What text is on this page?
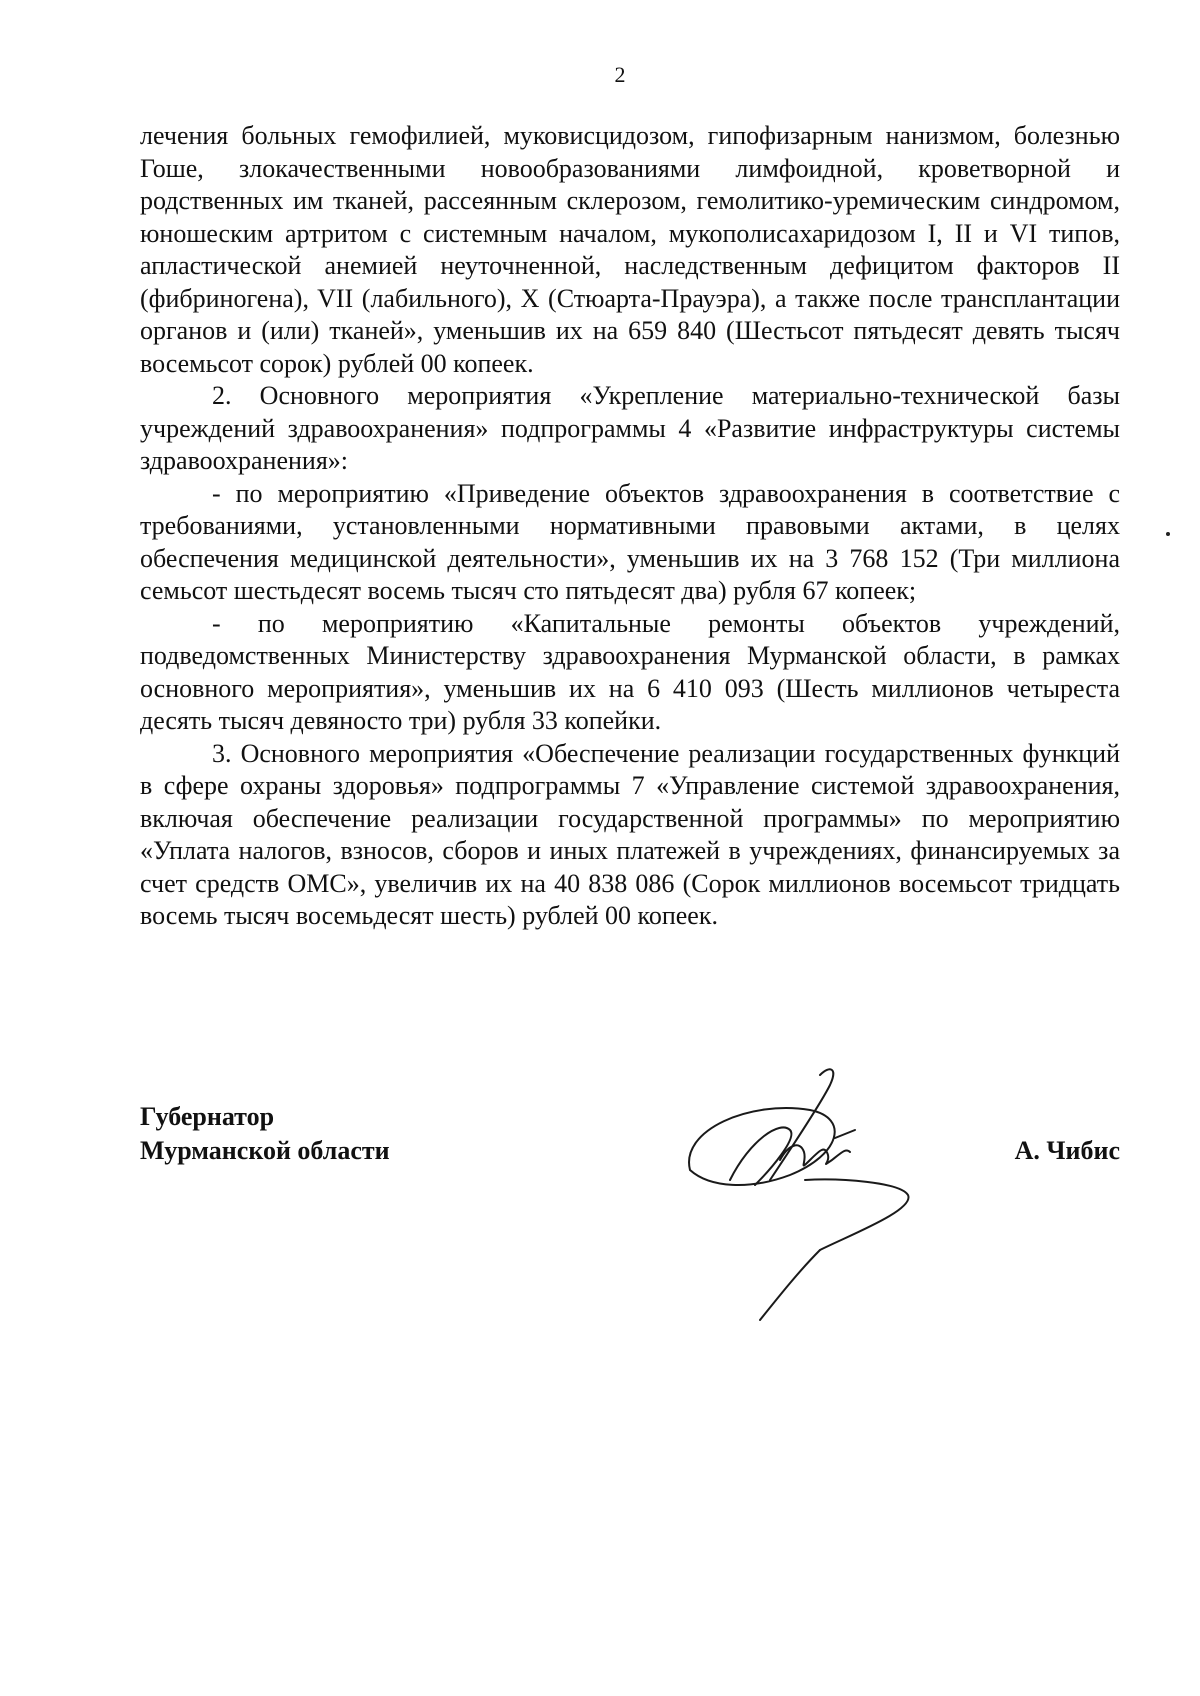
2

лечения больных гемофилией, муковисцидозом, гипофизарным нанизмом, болезнью Гоше, злокачественными новообразованиями лимфоидной, кроветворной и родственных им тканей, рассеянным склерозом, гемолитико-уремическим синдромом, юношеским артритом с системным началом, мукополисахаридозом I, II и VI типов, апластической анемией неуточненной, наследственным дефицитом факторов II (фибриногена), VII (лабильного), X (Стюарта-Прауэра), а также после трансплантации органов и (или) тканей», уменьшив их на 659 840 (Шестьсот пятьдесят девять тысяч восемьсот сорок) рублей 00 копеек.

2. Основного мероприятия «Укрепление материально-технической базы учреждений здравоохранения» подпрограммы 4 «Развитие инфраструктуры системы здравоохранения»:

- по мероприятию «Приведение объектов здравоохранения в соответствие с требованиями, установленными нормативными правовыми актами, в целях обеспечения медицинской деятельности», уменьшив их на 3 768 152 (Три миллиона семьсот шестьдесят восемь тысяч сто пятьдесят два) рубля 67 копеек;

- по мероприятию «Капитальные ремонты объектов учреждений, подведомственных Министерству здравоохранения Мурманской области, в рамках основного мероприятия», уменьшив их на 6 410 093 (Шесть миллионов четыреста десять тысяч девяносто три) рубля 33 копейки.

3. Основного мероприятия «Обеспечение реализации государственных функций в сфере охраны здоровья» подпрограммы 7 «Управление системой здравоохранения, включая обеспечение реализации государственной программы» по мероприятию «Уплата налогов, взносов, сборов и иных платежей в учреждениях, финансируемых за счет средств ОМС», увеличив их на 40 838 086 (Сорок миллионов восемьсот тридцать восемь тысяч восемьдесят шесть) рублей 00 копеек.

Губернатор
Мурманской области	А. Чибис
